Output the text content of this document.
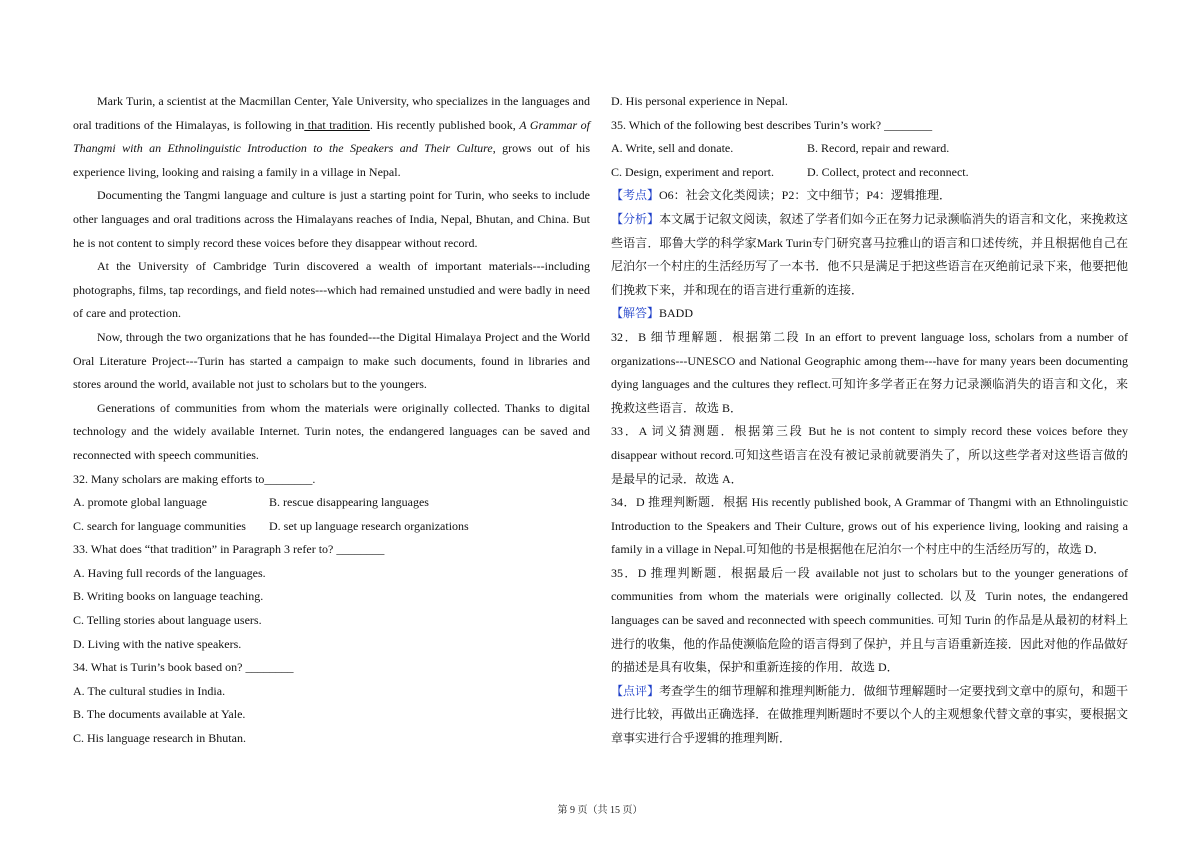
Mark Turin, a scientist at the Macmillan Center, Yale University, who specializes in the languages and oral traditions of the Himalayas, is following in that tradition. His recently published book, A Grammar of Thangmi with an Ethnolinguistic Introduction to the Speakers and Their Culture, grows out of his experience living, looking and raising a family in a village in Nepal.

Documenting the Tangmi language and culture is just a starting point for Turin, who seeks to include other languages and oral traditions across the Himalayans reaches of India, Nepal, Bhutan, and China. But he is not content to simply record these voices before they disappear without record.

At the University of Cambridge Turin discovered a wealth of important materials---including photographs, films, tap recordings, and field notes---which had remained unstudied and were badly in need of care and protection.

Now, through the two organizations that he has founded---the Digital Himalaya Project and the World Oral Literature Project---Turin has started a campaign to make such documents, found in libraries and stores around the world, available not just to scholars but to the youngers.

Generations of communities from whom the materials were originally collected. Thanks to digital technology and the widely available Internet. Turin notes, the endangered languages can be saved and reconnected with speech communities.

32. Many scholars are making efforts to________.

A. promote global language	B. rescue disappearing languages
C. search for language communities	D. set up language research organizations

33. What does “that tradition” in Paragraph 3 refer to? ________

A. Having full records of the languages.

B. Writing books on language teaching.

C. Telling stories about language users.

D. Living with the native speakers.

34. What is Turin’s book based on? ________

A. The cultural studies in India.

B. The documents available at Yale.

C. His language research in Bhutan.

D. His personal experience in Nepal.

35. Which of the following best describes Turin’s work? ________

A. Write, sell and donate.	B. Record, repair and reward.
C. Design, experiment and report.	D. Collect, protect and reconnect.

【考点】O6：社会文化类阅读；P2：文中细节；P4：逻辑推理．

【分析】本文属于记叙文阅读，叙述了学者们如今正在努力记录濒临消失的语言和文化，来挽救这些语言．耶鲁大学的科学家Mark Turin专门研究喜马拉雅山的语言和口述传统，并且根据他自己在尼泊尔一个村庄的生活经历写了一本书．他不只是满足于把这些语言在灭绝前记录下来，他要把他们挽救下来，并和现在的语言进行重新的连接．

【解答】BADD

32．B 细节理解题．根据第二段 In an effort to prevent language loss, scholars from a number of organizations---UNESCO and National Geographic among them---have for many years been documenting dying languages and the cultures they reflect.可知许多学者正在努力记录濒临消失的语言和文化，来挽救这些语言．故选 B．

33．A 词义猜测题．根据第三段 But he is not content to simply record these voices before they disappear without record.可知这些语言在没有被记录前就要消失了，所以这些学者对这些语言做的是最早的记录．故选 A．

34．D 推理判断题．根据 His recently published book, A Grammar of Thangmi with an Ethnolinguistic Introduction to the Speakers and Their Culture, grows out of his experience living, looking and raising a family in a village in Nepal.可知他的书是根据他在尼泊尔一个村庄中的生活经历写的，故选 D．

35．D 推理判断题．根据最后一段 available not just to scholars but to the younger generations of communities from whom the materials were originally collected. 以及 Turin notes, the endangered languages can be saved and reconnected with speech communities. 可知 Turin 的作品是从最初的材料上进行的收集，他的作品使濒临危险的语言得到了保护，并且与言语重新连接．因此对他的作品做好的描述是具有收集，保护和重新连接的作用．故选 D．

【点评】考查学生的细节理解和推理判断能力．做细节理解题时一定要找到文章中的原句，和题干进行比较，再做出正确选择．在做推理判断题时不要以个人的主观想象代替文章的事实，要根据文章事实进行合乎逻辑的推理判断．

第 9 页（共 15 页）
